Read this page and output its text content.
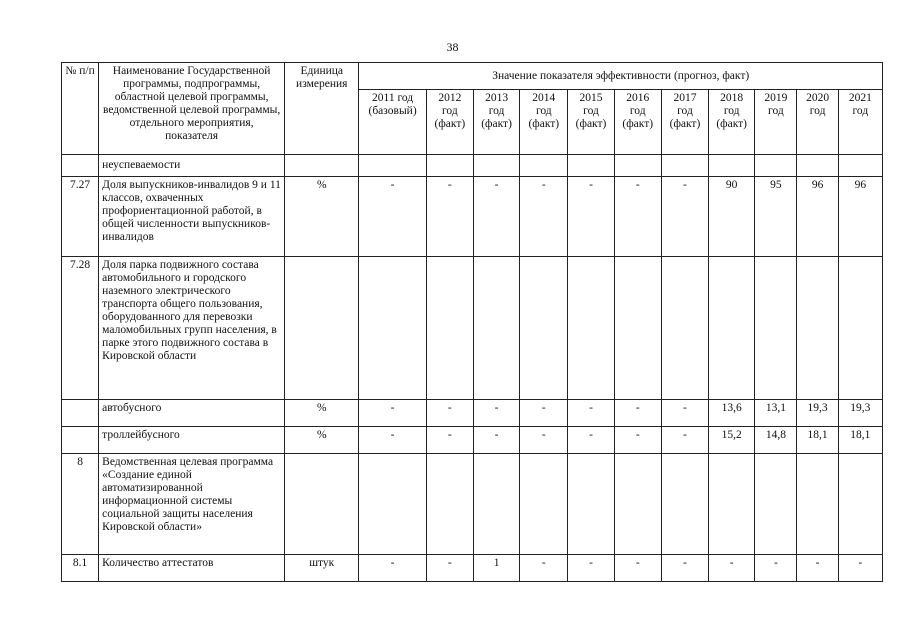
38
№ п/п	Наименование Государственной программы, подпрограммы, областной целевой программы, ведомственной целевой программы, отдельного мероприятия, показателя	Единица измерения	Значение показателя эффективности (прогноз, факт)										
			2011 год (базовый)	2012 год (факт)	2013 год (факт)	2014 год (факт)	2015 год (факт)	2016 год (факт)	2017 год (факт)	2018 год (факт)	2019 год	2020 год	2021 год
	неуспеваемости												
7.27	Доля выпускников-инвалидов 9 и 11 классов, охваченных профориентационной работой, в общей численности выпускников-инвалидов	%	-	-	-	-	-	-	-	90	95	96	96
7.28	Доля парка подвижного состава автомобильного и городского наземного электрического транспорта общего пользования, оборудованного для перевозки маломобильных групп населения, в парке этого подвижного состава в Кировской области												
	автобусного	%	-	-	-	-	-	-	-	13,6	13,1	19,3	19,3
	троллейбусного	%	-	-	-	-	-	-	-	15,2	14,8	18,1	18,1
8	Ведомственная целевая программа «Создание единой автоматизированной информационной системы социальной защиты населения Кировской области»												
8.1	Количество аттестатов	штук	-	-	1	-	-	-	-	-	-	-	-
